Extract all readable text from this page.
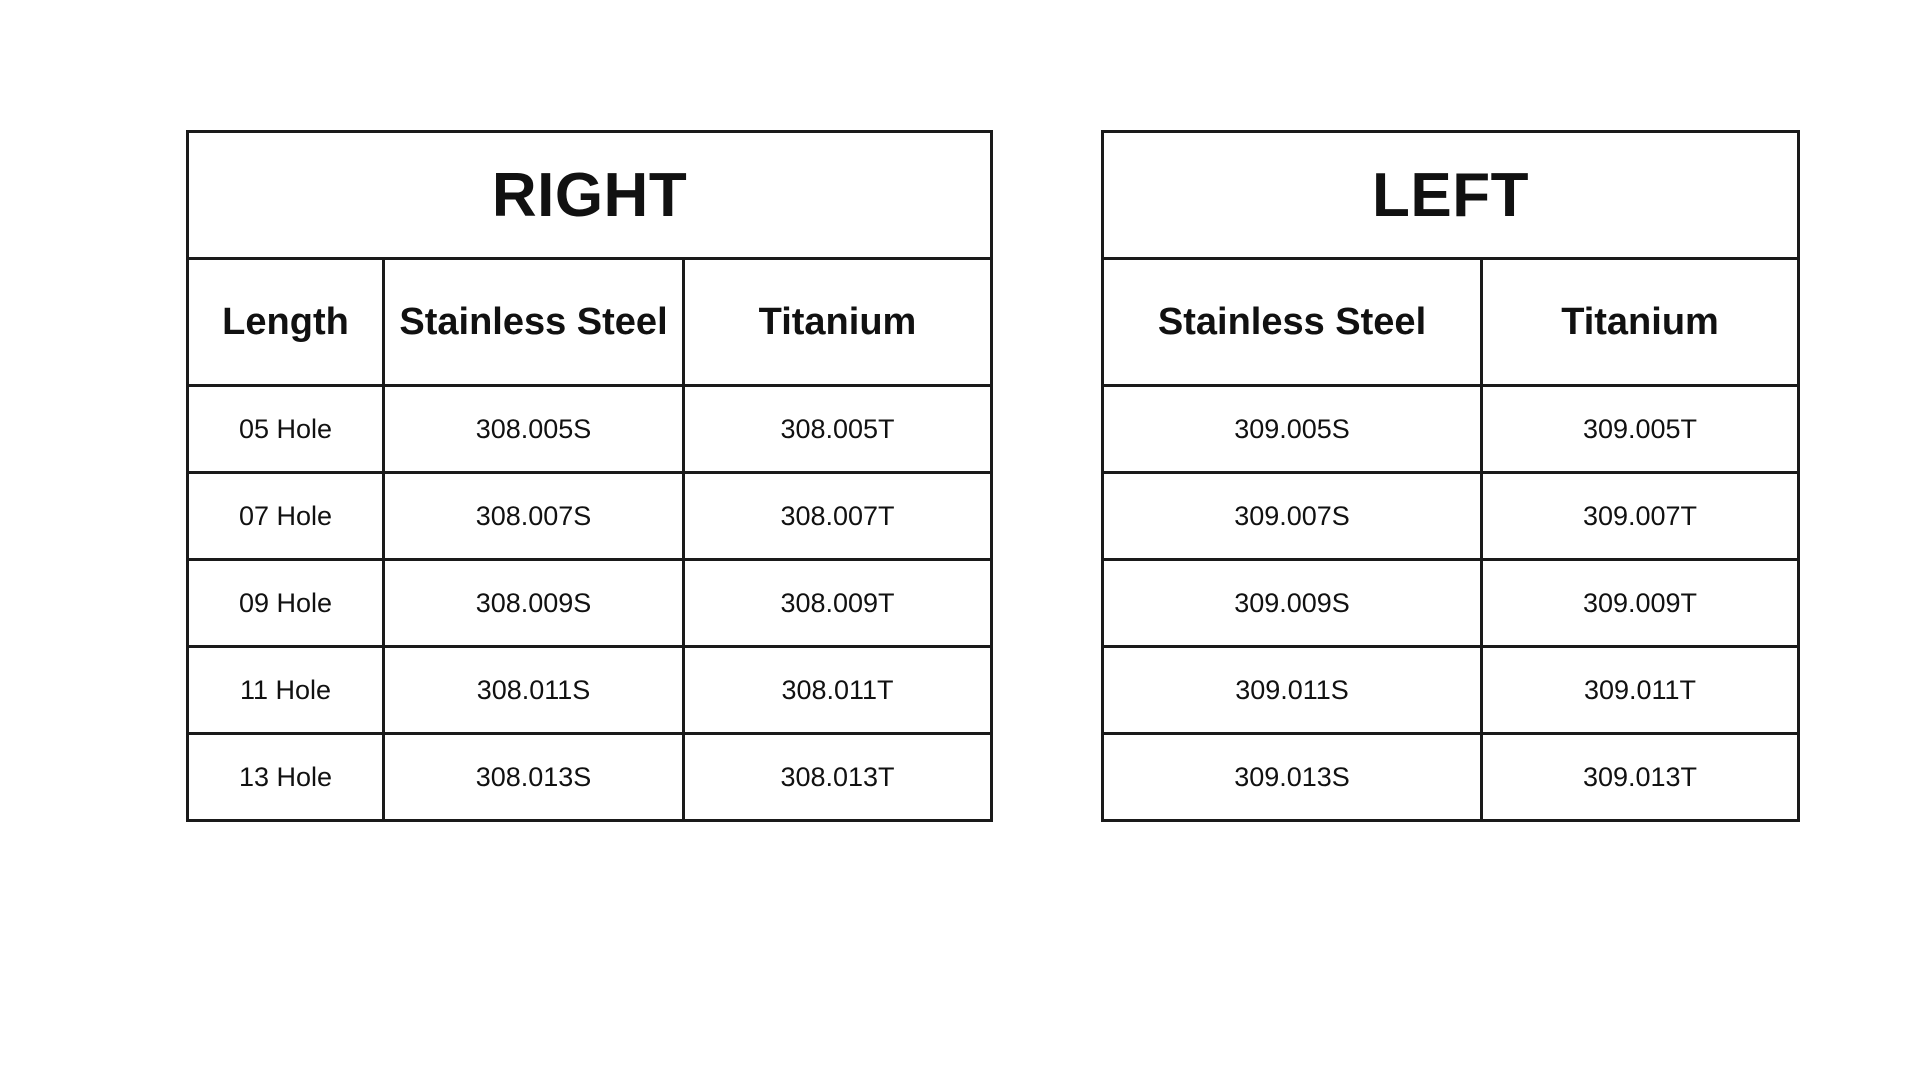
RIGHT		
Length	Stainless Steel	Titanium
05 Hole	308.005S	308.005T
07 Hole	308.007S	308.007T
09 Hole	308.009S	308.009T
11 Hole	308.011S	308.011T
13 Hole	308.013S	308.013T
LEFT	
Stainless Steel	Titanium
309.005S	309.005T
309.007S	309.007T
309.009S	309.009T
309.011S	309.011T
309.013S	309.013T
